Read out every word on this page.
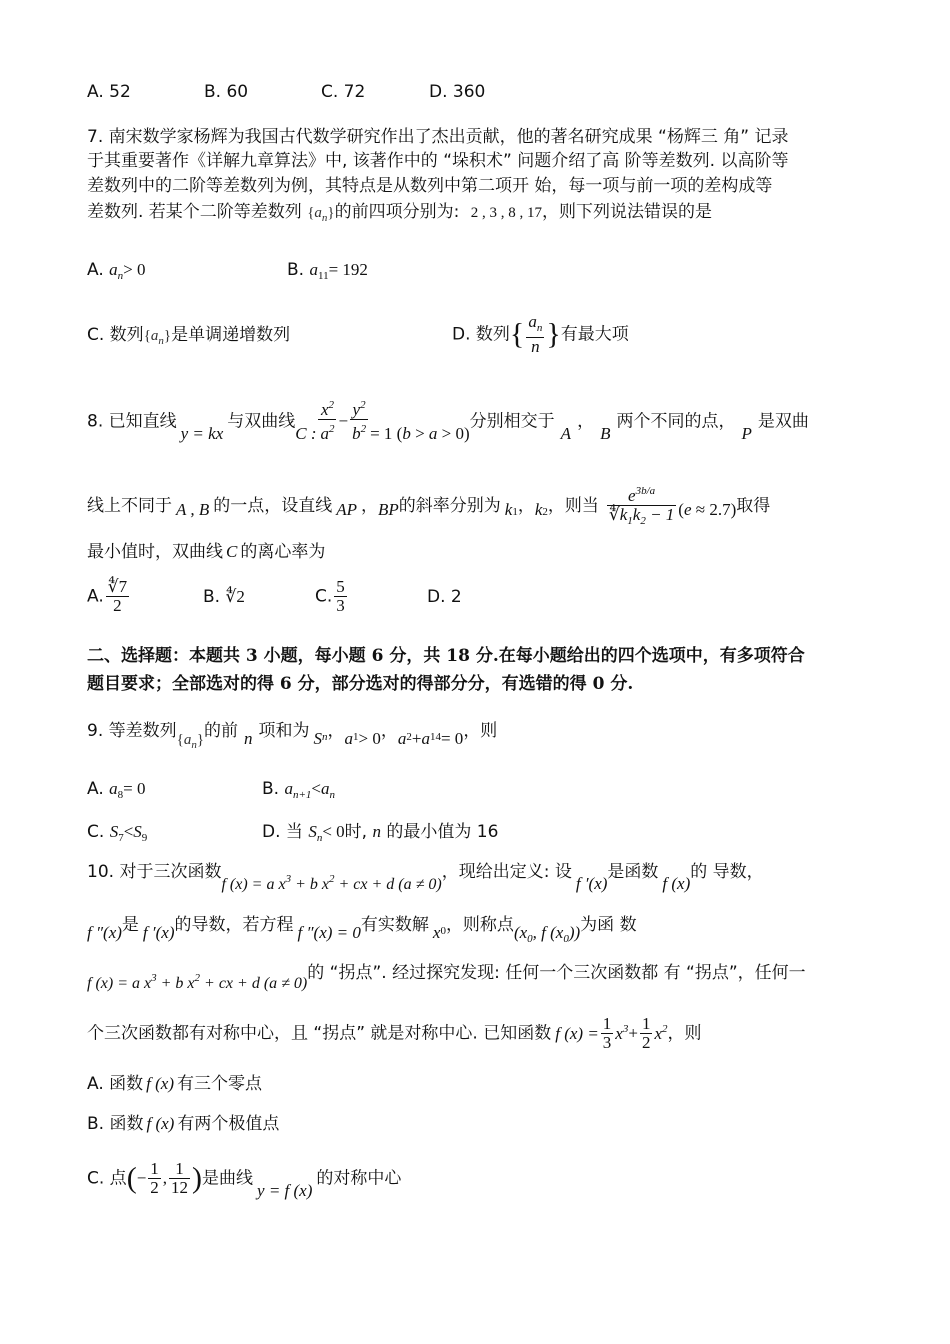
A. 52	B. 60	C. 72	D. 360
7. 南宋数学家杨辉为我国古代数学研究作出了杰出贡献，他的著名研究成果 “杨辉三 角” 记录
于其重要著作《详解九章算法》中, 该著作中的 “垛积术” 问题介绍了高 阶等差数列. 以高阶等
差数列中的二阶等差数列为例，其特点是从数列中第二项开 始，每一项与前一项的差构成等
差数列. 若某个二阶等差数列 $\{a_n\}$的前四项分别为: 2 , 3 , 8 , 17，则下列说法错误的是
A. $a_n> 0$	B. $a_{11}= 192$
C. 数列$\{a_n\}$是单调递增数列	D. 数列{ $\frac{a_n}{n}$ }有最大项
8. 已知直线y = kx与双曲线C : $\frac{x^2}{a^2} - \frac{y^2}{b^2} = 1$ (b > a > 0)分别相交于A，B两个不同的点，P是双曲
线上不同于 A , B 的一点，设直线 AP ，BP的斜率分别为 $k_1$，$k_2$，则当 $\frac{e^{3b/a}}{∜k_1k_2 - 1} (e \approx 2.7)$取得
最小值时，双曲线 C 的离心率为
A. $\frac{∜7}{2}$	B. ∜2	C. $\frac{5}{3}$	D. 2
二、选择题：本题共 3 小题，每小题 6 分，共 18 分.在每小题给出的四个选项中，有多项符合
题目要求；全部选对的得 6 分，部分选对的得部分分，有选错的得 0 分.
9. 等差数列$\{a_n\}$的前 n 项和为 $S_n$，$a_1> 0$，$a_2+a_{14}= 0$，则
A. $a_8= 0$	B. $a_{n+1}<a_n$
C. $S_7<S_9$	D. 当 $S_n< 0$时, n 的最小值为 16
10. 对于三次函数f (x) = a $x^3 + b$ $x^2$ + cx + d (a ≠ 0)，现给出定义: 设f ′(x)是函数f (x)的 导数，
f ″(x)是 f ′(x)的导数，若方程 f ″(x) = 0有实数解 $x_0$，则称点($x_0$, f $(x_0)$)为函 数
f (x) = a $x^3 + b$ $x^2$ + cx + d (a ≠ 0)的 “拐点”. 经过探究发现: 任何一个三次函数都 有 “拐点”，任何一
个三次函数都有对称中心，且 “拐点” 就是对称中心. 已知函数 f $(x) = \frac{1}{3} x^3+ \frac{1}{2} x^2$，则
A. 函数 f (x) 有三个零点
B. 函数 f (x) 有两个极值点
C. 点(− $\frac{1}{2}$ , $\frac{1}{12}$ )是曲线y = f (x)的对称中心
